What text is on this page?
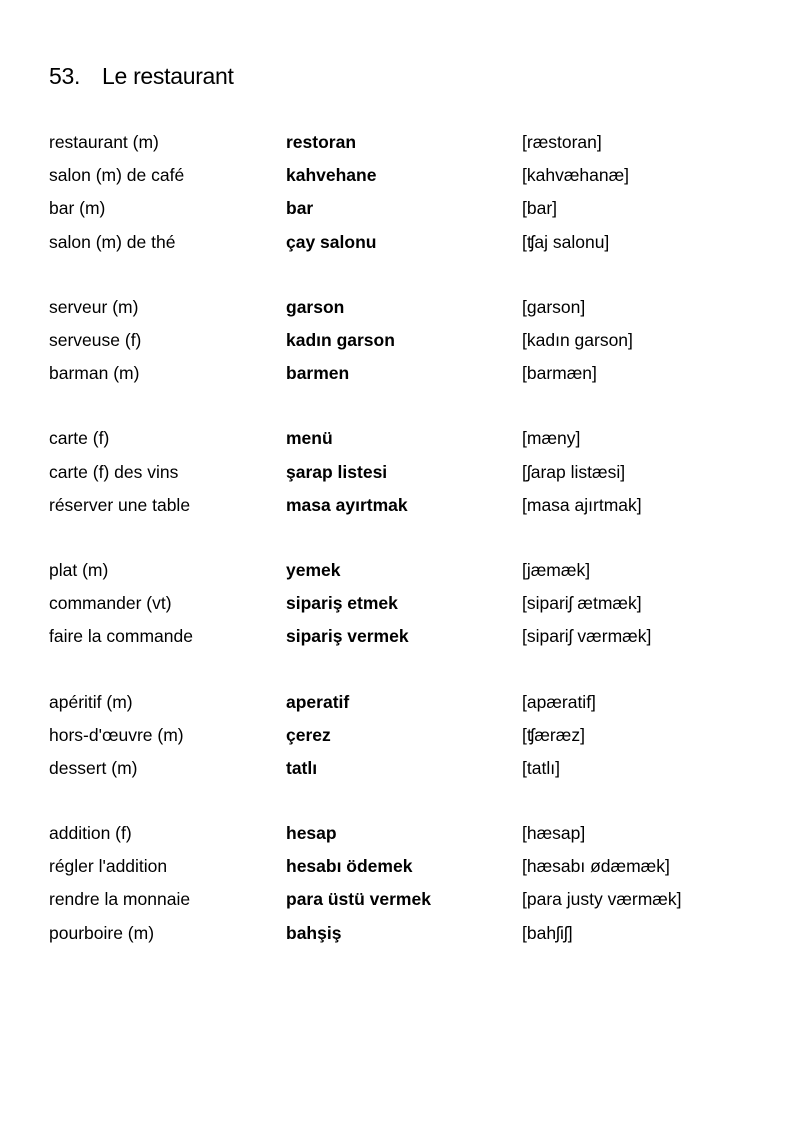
53. Le restaurant
restaurant (m)	restoran	[ræstoran]
salon (m) de café	kahvehane	[kahvæhanæ]
bar (m)	bar	[bar]
salon (m) de thé	çay salonu	[ʧaj salonu]
serveur (m)	garson	[garson]
serveuse (f)	kadın garson	[kadın garson]
barman (m)	barmen	[barmæn]
carte (f)	menü	[mæny]
carte (f) des vins	şarap listesi	[ʃarap listæsi]
réserver une table	masa ayırtmak	[masa ajırtmak]
plat (m)	yemek	[jæmæk]
commander (vt)	sipariş etmek	[sipariʃ ætmæk]
faire la commande	sipariş vermek	[sipariʃ værmæk]
apéritif (m)	aperatif	[apæratif]
hors-d'œuvre (m)	çerez	[ʧæræz]
dessert (m)	tatlı	[tatlı]
addition (f)	hesap	[hæsap]
régler l'addition	hesabı ödemek	[hæsabı ødæmæk]
rendre la monnaie	para üstü vermek	[para justy værmæk]
pourboire (m)	bahşiş	[bahʃiʃ]
